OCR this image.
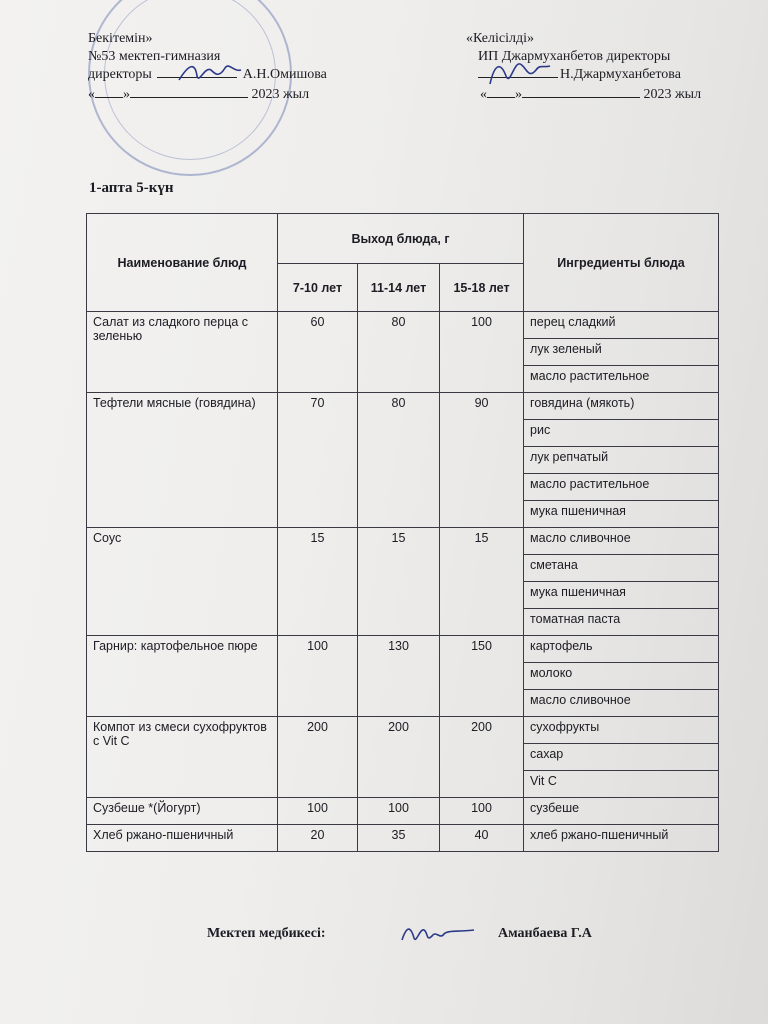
Бекітемін»
№53 мектеп-гимназия
директоры	А.Н.Омишова
« »	2023 жыл
«Келісілді»
ИП Джармуханбетов директоры
Н.Джармуханбетова
« »	2023 жыл
1-апта 5-күн
Наименование блюд	Выход блюда, г			Ингредиенты блюда
	7-10 лет	11-14 лет	15-18 лет	
Салат из сладкого перца с зеленью	60	80	100	перец сладкий
				лук зеленый
				масло растительное
Тефтели мясные (говядина)	70	80	90	говядина (мякоть)
				рис
				лук репчатый
				масло растительное
				мука пшеничная
Соус	15	15	15	масло сливочное
				сметана
				мука пшеничная
				томатная паста
Гарнир: картофельное пюре	100	130	150	картофель
				молоко
				масло сливочное
Компот из смеси сухофруктов с Vit C	200	200	200	сухофрукты
				сахар
				Vit C
Сузбеше *(Йогурт)	100	100	100	сузбеше
Хлеб ржано-пшеничный	20	35	40	хлеб ржано-пшеничный
Мектеп медбикесі:	Аманбаева Г.А
